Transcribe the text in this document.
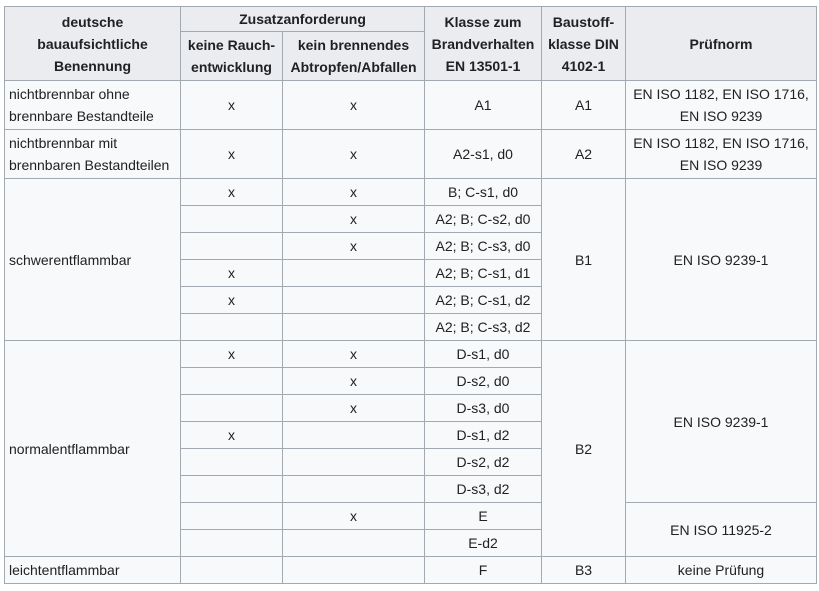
deutsche bauaufsichtliche Benennung	Zusatzanforderung		Klasse zum Brandverhalten EN 13501-1	Baustoff-klasse DIN 4102-1	Prüfnorm
	keine Rauch-entwicklung	kein brennendes Abtropfen/Abfallen			
nichtbrennbar ohne brennbare Bestandteile	x	x	A1	A1	EN ISO 1182, EN ISO 1716, EN ISO 9239
nichtbrennbar mit brennbaren Bestandteilen	x	x	A2-s1, d0	A2	EN ISO 1182, EN ISO 1716, EN ISO 9239
schwerentflammbar	x	x	B; C-s1, d0	B1	EN ISO 9239-1
		x	A2; B; C-s2, d0		
		x	A2; B; C-s3, d0		
	x		A2; B; C-s1, d1		
	x		A2; B; C-s1, d2		
			A2; B; C-s3, d2		
normalentflammbar	x	x	D-s1, d0	B2	EN ISO 9239-1
		x	D-s2, d0		
		x	D-s3, d0		
	x		D-s1, d2		
			D-s2, d2		
			D-s3, d2		
		x	E		EN ISO 11925-2
			E-d2		
leichtentflammbar			F	B3	keine Prüfung
